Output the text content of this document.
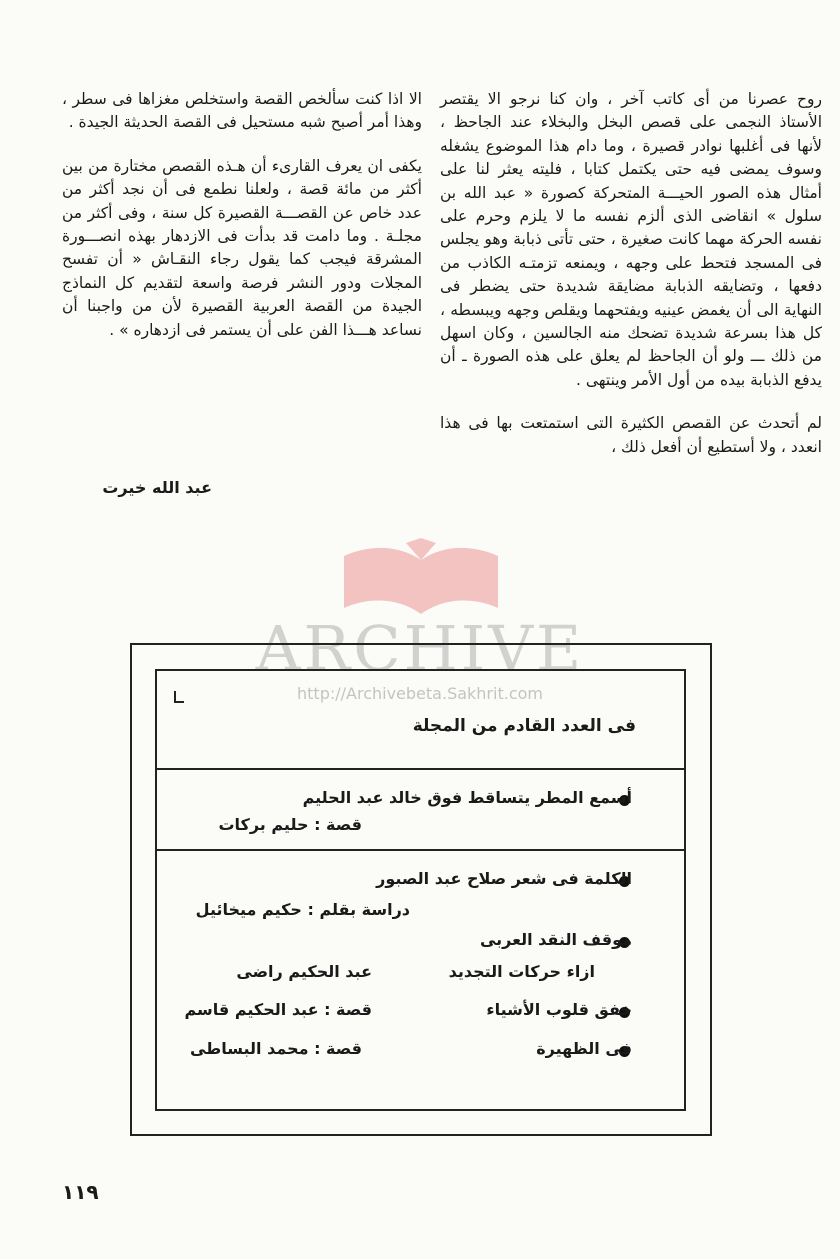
روح عصرنا من أى كاتب آخر ، وان كنا نرجو الا يقتصر الأستاذ النجمى على قصص البخل والبخلاء عند الجاحظ ، لأنها فى أغلبها نوادر قصيرة ، وما دام هذا الموضوع يشغله وسوف يمضى فيه حتى يكتمل كتابا ، فليته يعثر لنا على أمثال هذه الصور الحيـــة المتحركة كصورة « عبد الله بن سلول » انقاضى الذى ألزم نفسه ما لا يلزم وحرم على نفسه الحركة مهما كانت صغيرة ، حتى تأتى ذبابة وهو يجلس فى المسجد فتحط على وجهه ، ويمنعه تزمتـه الكاذب من دفعها ، وتضايقه الذبابة مضايقة شديدة حتى يضطر فى النهاية الى أن يغمض عينيه ويفتحهما ويقلص وجهه ويبسطه ، كل هذا بسرعة شديدة تضحك منه الجالسين ، وكان اسهل من ذلك ـــ ولو أن الجاحظ لم يعلق على هذه الصورة ـ أن يدفع الذبابة بيده من أول الأمر وينتهى .

لم أتحدث عن القصص الكثيرة التى استمتعت بها فى هذا انعدد ، ولا أستطيع أن أفعل ذلك ،

الا اذا كنت سألخص القصة واستخلص مغزاها فى سطر ، وهذا أمر أصبح شبه مستحيل فى القصة الحديثة الجيدة .

يكفى ان يعرف القارىء أن هـذه القصص مختارة من بين أكثر من مائة قصة ، ولعلنا نطمع فى أن نجد أكثر من عدد خاص عن القصـــة القصيرة كل سنة ، وفى أكثر من مجلـة . وما دامت قد بدأت فى الازدهار بهذه انصـــورة المشرقة فيجب كما يقول رجاء النقـاش « أن تفسح المجلات ودور النشر فرصة واسعة لتقديم كل النماذج الجيدة من القصة العربية القصيرة لأن من واجبنا أن نساعد هـــذا الفن على أن يستمر فى ازدهاره » .

عبد الله خيرت
ARCHIVE
http://Archivebeta.Sakhrit.com
فى العدد القادم من المجلة
أسمع المطر يتساقط فوق خالد عبد الحليم
قصة : حليم بركات
الكلمة فى شعر صلاح عبد الصبور
دراسة بقلم : حكيم ميخائيل
موقف النقد العربى
ازاء حركات التجديد
عبد الحكيم راضى
خفق قلوب الأشياء
قصة : عبد الحكيم قاسم
فى الظهيرة
قصة : محمد البساطى
١١٩
